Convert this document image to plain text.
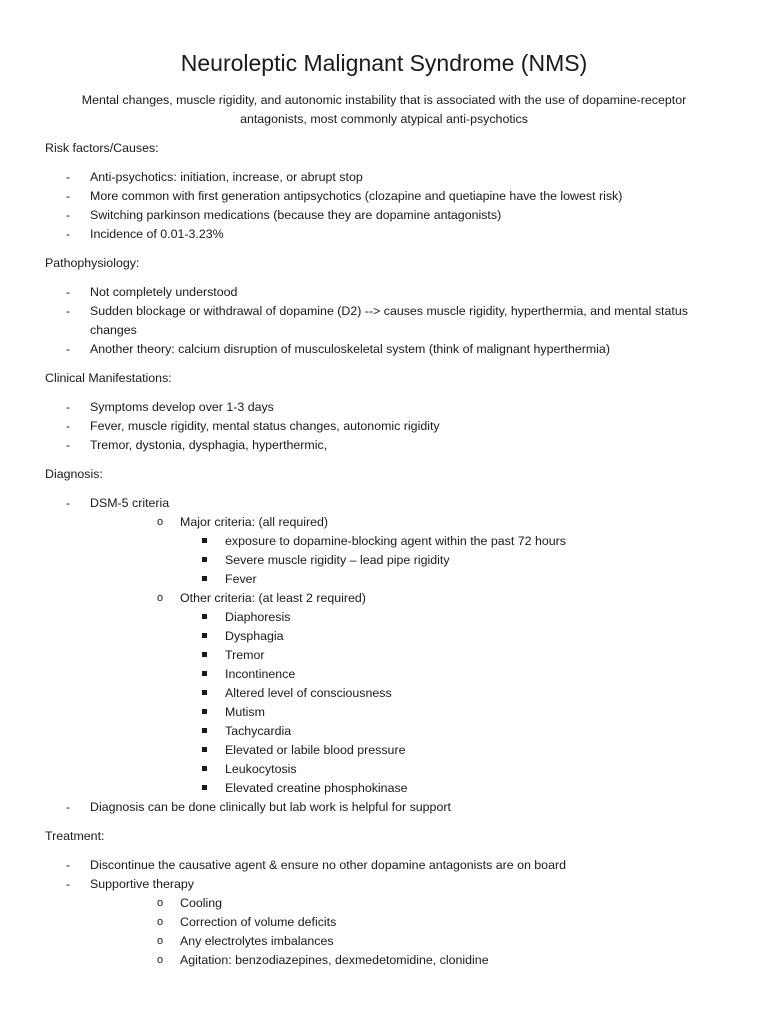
Neuroleptic Malignant Syndrome (NMS)
Mental changes, muscle rigidity, and autonomic instability that is associated with the use of dopamine-receptor antagonists, most commonly atypical anti-psychotics
Risk factors/Causes:
- Anti-psychotics: initiation, increase, or abrupt stop
- More common with first generation antipsychotics (clozapine and quetiapine have the lowest risk)
- Switching parkinson medications (because they are dopamine antagonists)
- Incidence of 0.01-3.23%
Pathophysiology:
- Not completely understood
- Sudden blockage or withdrawal of dopamine (D2) --> causes muscle rigidity, hyperthermia, and mental status changes
- Another theory: calcium disruption of musculoskeletal system (think of malignant hyperthermia)
Clinical Manifestations:
- Symptoms develop over 1-3 days
- Fever, muscle rigidity, mental status changes, autonomic rigidity
- Tremor, dystonia, dysphagia, hyperthermic,
Diagnosis:
- DSM-5 criteria
o Major criteria: (all required)
exposure to dopamine-blocking agent within the past 72 hours
Severe muscle rigidity – lead pipe rigidity
Fever
o Other criteria: (at least 2 required)
Diaphoresis
Dysphagia
Tremor
Incontinence
Altered level of consciousness
Mutism
Tachycardia
Elevated or labile blood pressure
Leukocytosis
Elevated creatine phosphokinase
- Diagnosis can be done clinically but lab work is helpful for support
Treatment:
- Discontinue the causative agent & ensure no other dopamine antagonists are on board
- Supportive therapy
o Cooling
o Correction of volume deficits
o Any electrolytes imbalances
o Agitation: benzodiazepines, dexmedetomidine, clonidine
